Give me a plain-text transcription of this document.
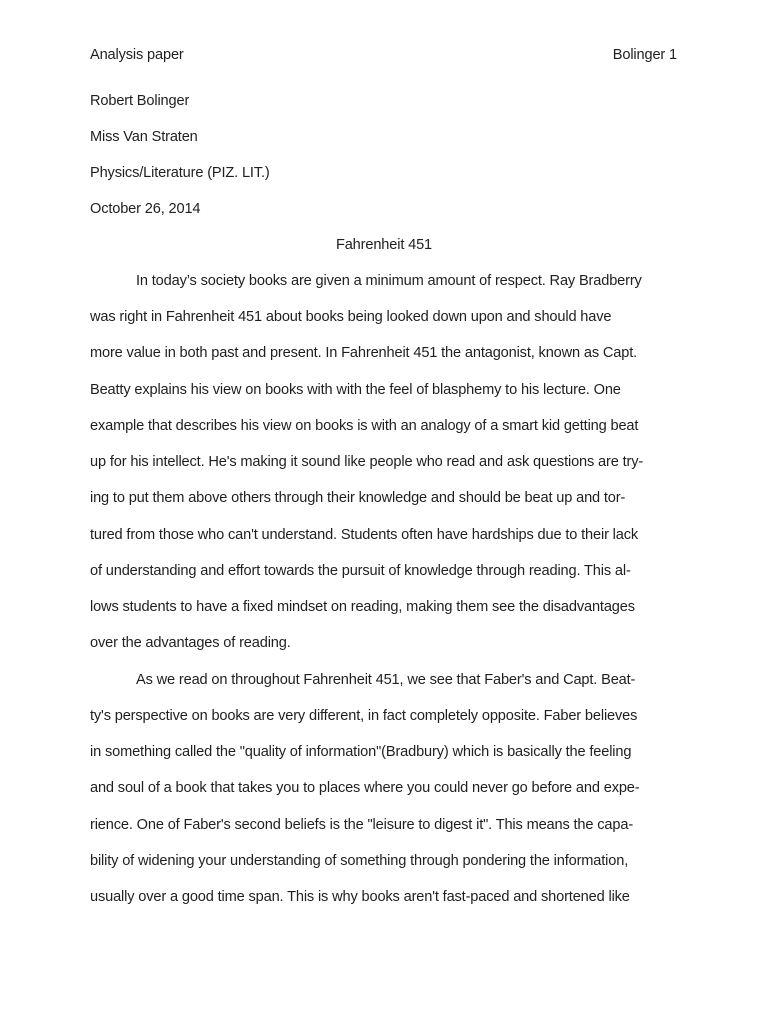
Analysis paper	Bolinger 1
Robert Bolinger
Miss Van Straten
Physics/Literature (PIZ. LIT.)
October 26, 2014
Fahrenheit 451
In today’s society books are given a minimum amount of respect. Ray Bradberry
was right in Fahrenheit 451 about books being looked down upon and should have
more value in both past and present. In Fahrenheit 451 the antagonist, known as Capt.
Beatty explains his view on books with with the feel of blasphemy to his lecture. One
example that describes his view on books is with an analogy of a smart kid getting beat
up for his intellect. He's making it sound like people who read and ask questions are try-
ing to put them above others through their knowledge and should be beat up and tor-
tured from those who can't understand. Students often have hardships due to their lack
of understanding and effort towards the pursuit of knowledge through reading. This al-
lows students to have a fixed mindset on reading, making them see the disadvantages
over the advantages of reading.
As we read on throughout Fahrenheit 451, we see that Faber's and Capt. Beat-
ty's perspective on books are very different, in fact completely opposite. Faber believes
in something called the "quality of information"(Bradbury) which is basically the feeling
and soul of a book that takes you to places where you could never go before and expe-
rience. One of Faber's second beliefs is the "leisure to digest it". This means the capa-
bility of widening your understanding of something through pondering the information,
usually over a good time span. This is why books aren't fast-paced and shortened like
